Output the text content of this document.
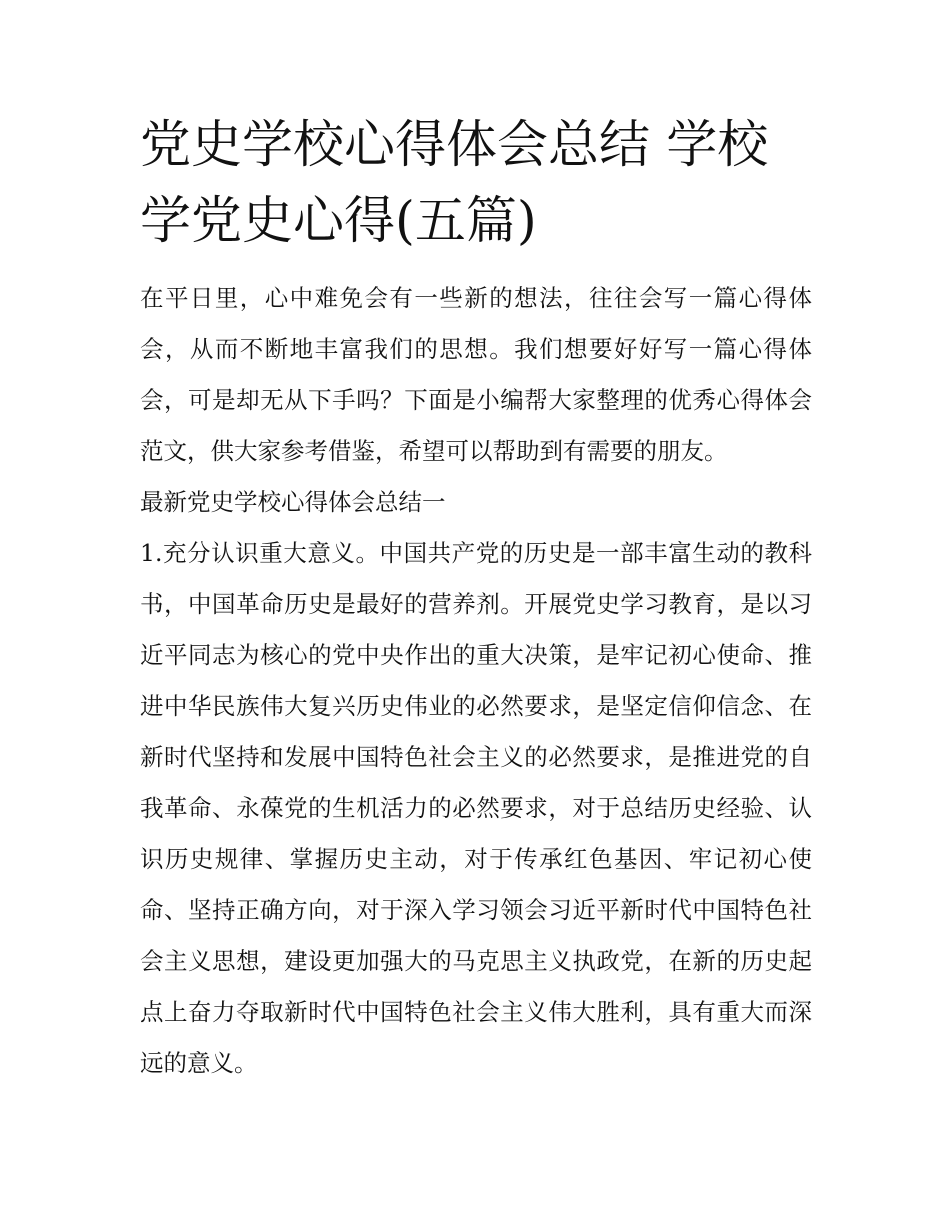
党史学校心得体会总结 学校学党史心得(五篇)

在平日里，心中难免会有一些新的想法，往往会写一篇心得体会，从而不断地丰富我们的思想。我们想要好好写一篇心得体会，可是却无从下手吗？下面是小编帮大家整理的优秀心得体会范文，供大家参考借鉴，希望可以帮助到有需要的朋友。

最新党史学校心得体会总结一

1.充分认识重大意义。中国共产党的历史是一部丰富生动的教科书，中国革命历史是最好的营养剂。开展党史学习教育，是以习近平同志为核心的党中央作出的重大决策，是牢记初心使命、推进中华民族伟大复兴历史伟业的必然要求，是坚定信仰信念、在新时代坚持和发展中国特色社会主义的必然要求，是推进党的自我革命、永葆党的生机活力的必然要求，对于总结历史经验、认识历史规律、掌握历史主动，对于传承红色基因、牢记初心使命、坚持正确方向，对于深入学习领会习近平新时代中国特色社会主义思想，建设更加强大的马克思主义执政党，在新的历史起点上奋力夺取新时代中国特色社会主义伟大胜利，具有重大而深远的意义。
